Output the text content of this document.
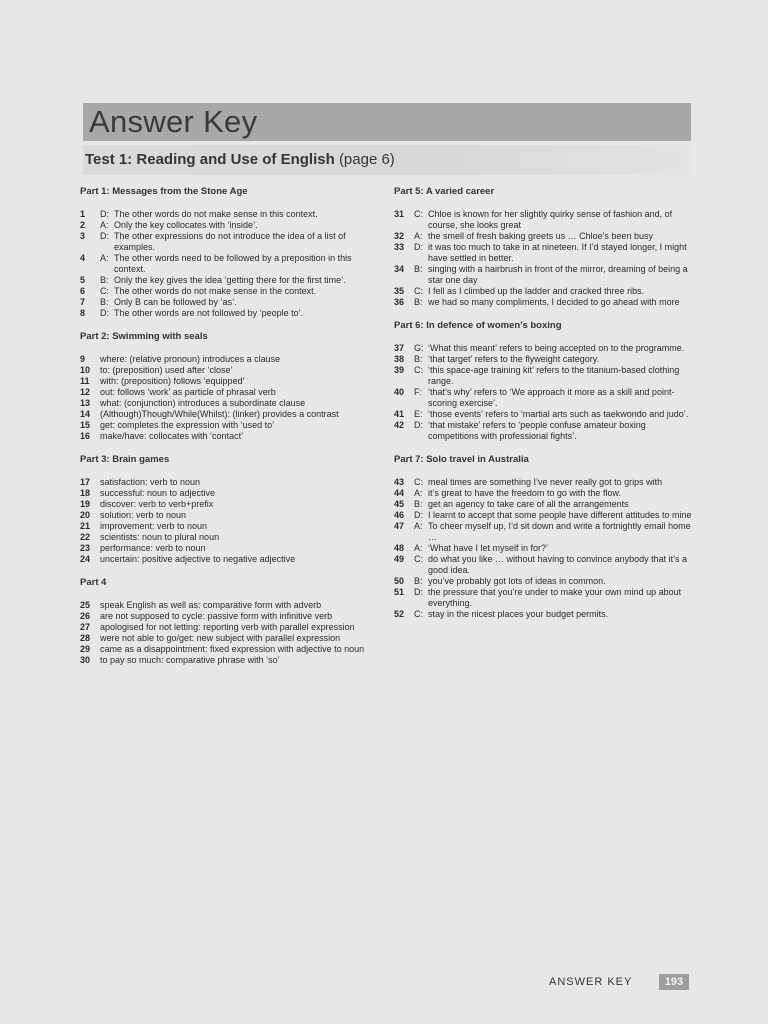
Answer Key
Test 1: Reading and Use of English (page 6)
Part 1: Messages from the Stone Age
1	D: The other words do not make sense in this context.
2	A: Only the key collocates with ‘inside’.
3	D: The other expressions do not introduce the idea of a list of examples.
4	A: The other words need to be followed by a preposition in this context.
5	B: Only the key gives the idea ‘getting there for the first time’.
6	C: The other words do not make sense in the context.
7	B: Only B can be followed by ‘as’.
8	D: The other words are not followed by ‘people to’.
Part 2: Swimming with seals
9	where: (relative pronoun) introduces a clause
10	to: (preposition) used after ‘close’
11	with: (preposition) follows ‘equipped’
12	out: follows ‘work’ as particle of phrasal verb
13	what: (conjunction) introduces a subordinate clause
14	(Although)Though/While(Whilst): (linker) provides a contrast
15	get: completes the expression with ‘used to’
16	make/have: collocates with ‘contact’
Part 3: Brain games
17	satisfaction: verb to noun
18	successful: noun to adjective
19	discover: verb to verb+prefix
20	solution: verb to noun
21	improvement: verb to noun
22	scientists: noun to plural noun
23	performance: verb to noun
24	uncertain: positive adjective to negative adjective
Part 4
25	speak English as well as: comparative form with adverb
26	are not supposed to cycle: passive form with infinitive verb
27	apologised for not letting: reporting verb with parallel expression
28	were not able to go/get: new subject with parallel expression
29	came as a disappointment: fixed expression with adjective to noun
30	to pay so much: comparative phrase with ‘so’
Part 5: A varied career
31	C: Chloe is known for her slightly quirky sense of fashion and, of course, she looks great
32	A: the smell of fresh baking greets us … Chloe’s been busy
33	D: it was too much to take in at nineteen. If I’d stayed longer, I might have settled in better.
34	B: singing with a hairbrush in front of the mirror, dreaming of being a star one day
35	C: I fell as I climbed up the ladder and cracked three ribs.
36	B: we had so many compliments, I decided to go ahead with more
Part 6: In defence of women’s boxing
37	G: ‘What this meant’ refers to being accepted on to the programme.
38	B: ‘that target’ refers to the flyweight category.
39	C: ‘this space-age training kit’ refers to the titanium-based clothing range.
40	F: ‘that’s why’ refers to ‘We approach it more as a skill and point-scoring exercise’.
41	E: ‘those events’ refers to ‘martial arts such as taekwondo and judo’.
42	D: ‘that mistake’ refers to ‘people confuse amateur boxing competitions with professional fights’.
Part 7: Solo travel in Australia
43	C: meal times are something I’ve never really got to grips with
44	A: it’s great to have the freedom to go with the flow.
45	B: get an agency to take care of all the arrangements
46	D: I learnt to accept that some people have different attitudes to mine
47	A: To cheer myself up, I’d sit down and write a fortnightly email home …
48	A: ‘What have I let myself in for?’
49	C: do what you like … without having to convince anybody that it’s a good idea.
50	B: you’ve probably got lots of ideas in common.
51	D: the pressure that you’re under to make your own mind up about everything.
52	C: stay in the nicest places your budget permits.
ANSWER KEY	193
